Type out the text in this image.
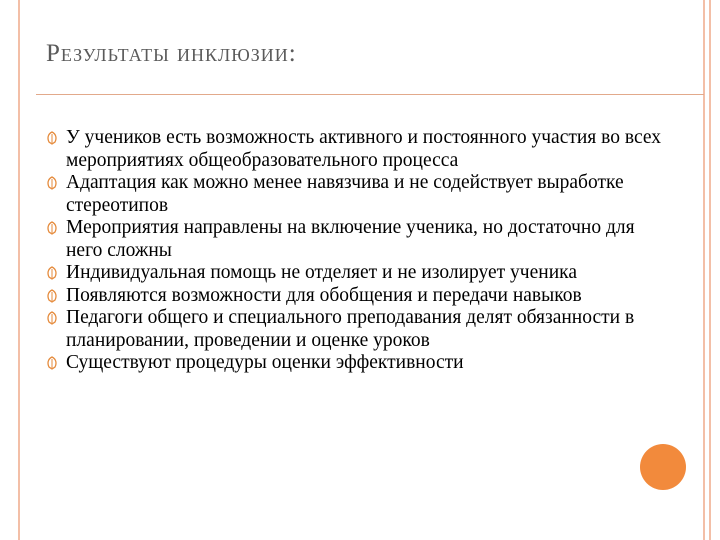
Результаты инклюзии:
У учеников есть возможность активного и постоянного участия во всех мероприятиях общеобразовательного процесса
Адаптация как можно менее навязчива и не содействует выработке стереотипов
Мероприятия направлены на включение ученика, но достаточно для него сложны
Индивидуальная помощь не отделяет и не изолирует ученика
Появляются возможности для обобщения и передачи навыков
Педагоги общего и специального преподавания делят обязанности в планировании, проведении и оценке уроков
Существуют процедуры оценки эффективности
